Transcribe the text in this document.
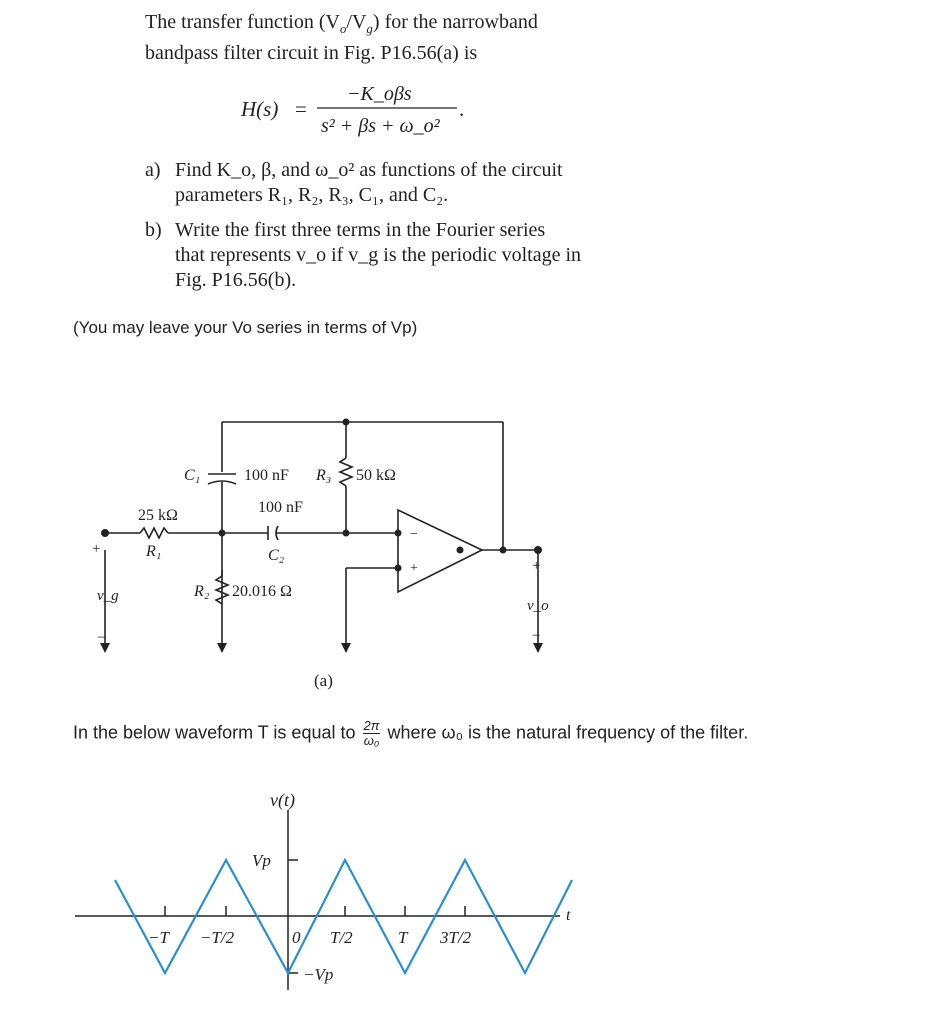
The transfer function $(V_o/V_g)$ for the narrowband
bandpass filter circuit in Fig. P16.56(a) is
H(s) =
−K_oβs
s² + βs + ω_o²
.
a) Find K_o, β, and ω_o² as functions of the circuit
parameters R₁, R₂, R₃, C₁, and C₂.
b) Write the first three terms in the Fourier series
that represents v_o if v_g is the periodic voltage in
Fig. P16.56(b).
(You may leave your Vo series in terms of Vp)
C₁	100 nF R₃ 50 kΩ
25 kΩ
R₁
100 nF
C₂
R₂ 20.016 Ω
+
v_g
−
+
v_o
−
−
+
(a)
In the below waveform T is equal to $\frac{2\pi}{\text{ω₀}}$ where ω₀ is the natural frequency of the filter.
v(t)
Vp
−Vp
t
−T −T/2	0 T/2	T 3T/2
